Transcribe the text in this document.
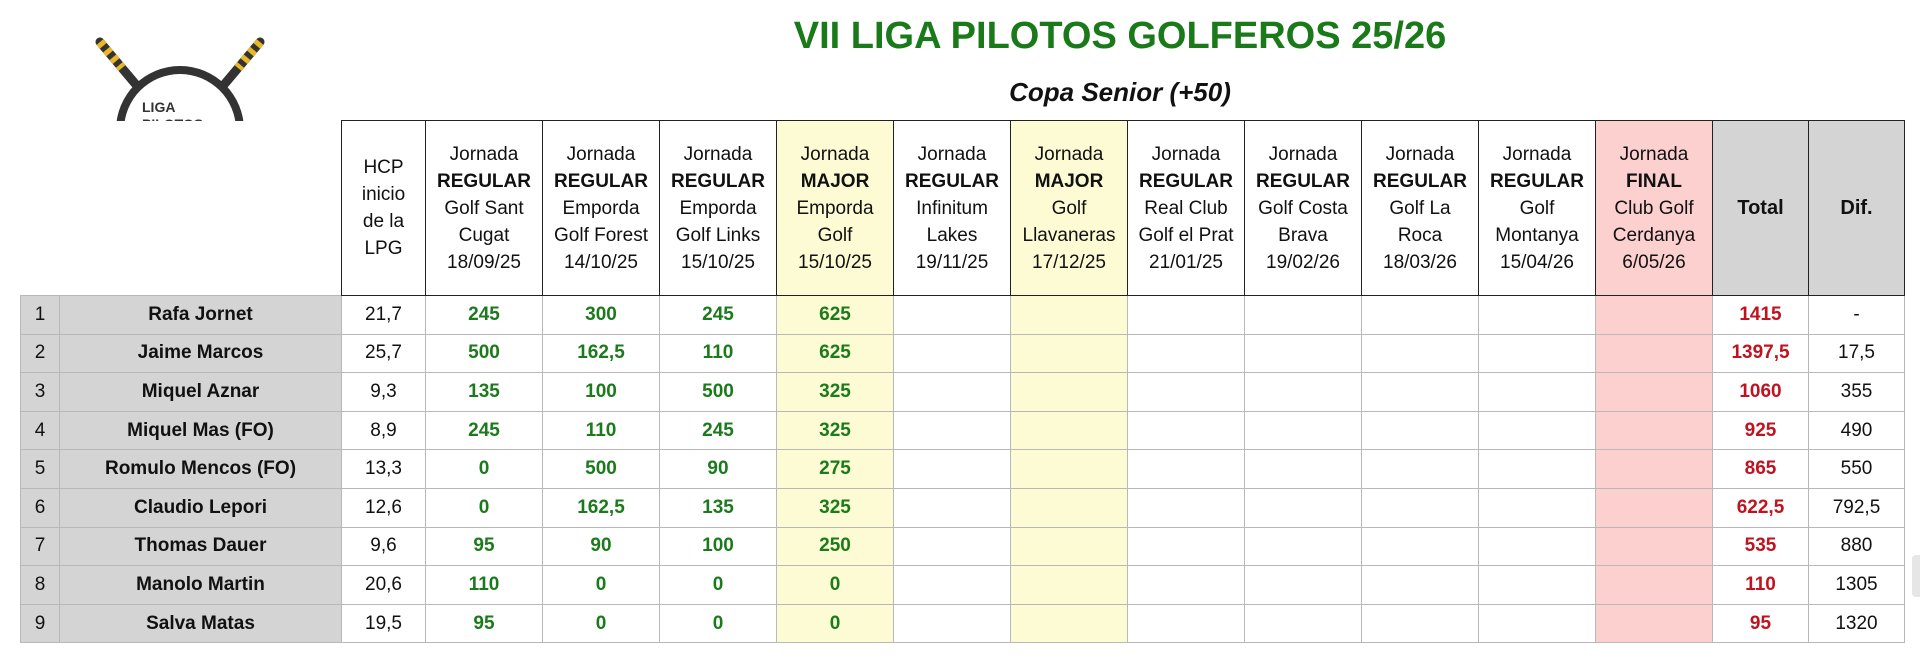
LIGA
VII LIGA PILOTOS GOLFEROS 25/26
Copa Senior (+50)
		HCP
inicio
de la
LPG	Jornada
REGULAR
Golf Sant
Cugat
18/09/25	Jornada
REGULAR
Emporda
Golf Forest
14/10/25	Jornada
REGULAR
Emporda
Golf Links
15/10/25	Jornada
MAJOR
Emporda
Golf
15/10/25	Jornada
REGULAR
Infinitum
Lakes
19/11/25	Jornada
MAJOR
Golf
Llavaneras
17/12/25	Jornada
REGULAR
Real Club
Golf el Prat
21/01/25	Jornada
REGULAR
Golf Costa
Brava
19/02/26	Jornada
REGULAR
Golf La
Roca
18/03/26	Jornada
REGULAR
Golf
Montanya
15/04/26	Jornada
FINAL
Club Golf
Cerdanya
6/05/26	Total	Dif.
1	Rafa Jornet	21,7	245	300	245	625								1415	-
2	Jaime Marcos	25,7	500	162,5	110	625								1397,5	17,5
3	Miquel Aznar	9,3	135	100	500	325								1060	355
4	Miquel Mas (FO)	8,9	245	110	245	325								925	490
5	Romulo Mencos (FO)	13,3	0	500	90	275								865	550
6	Claudio Lepori	12,6	0	162,5	135	325								622,5	792,5
7	Thomas Dauer	9,6	95	90	100	250								535	880
8	Manolo Martin	20,6	110	0	0	0								110	1305
9	Salva Matas	19,5	95	0	0	0								95	1320
